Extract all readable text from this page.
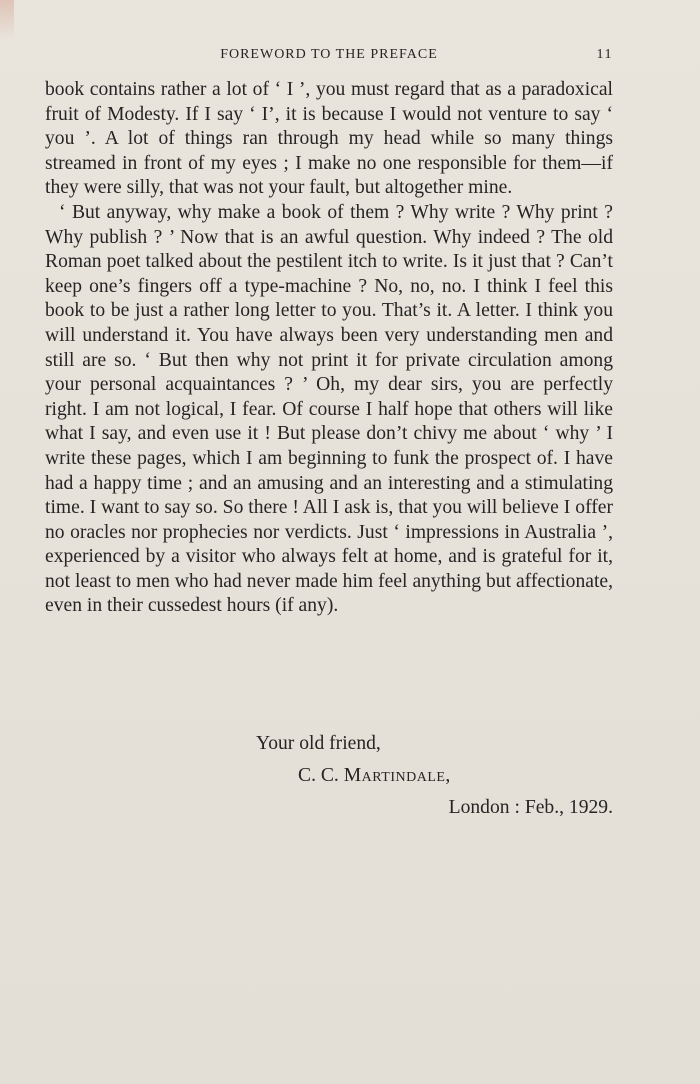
FOREWORD TO THE PREFACE	11

book contains rather a lot of ‘ I ’, you must regard that as a paradoxical fruit of Modesty. If I say ‘ I’, it is because I would not venture to say ‘ you ’. A lot of things ran through my head while so many things streamed in front of my eyes ; I make no one responsible for them—if they were silly, that was not your fault, but altogether mine.

‘ But anyway, why make a book of them ? Why write ? Why print ? Why publish ? ’ Now that is an awful question. Why indeed ? The old Roman poet talked about the pestilent itch to write. Is it just that ? Can’t keep one’s fingers off a type-machine ? No, no, no. I think I feel this book to be just a rather long letter to you. That’s it. A letter. I think you will understand it. You have always been very understanding men and still are so. ‘ But then why not print it for private circulation among your personal acquaintances ? ’ Oh, my dear sirs, you are perfectly right. I am not logical, I fear. Of course I half hope that others will like what I say, and even use it ! But please don’t chivy me about ‘ why ’ I write these pages, which I am beginning to funk the prospect of. I have had a happy time ; and an amusing and an interesting and a stimulating time. I want to say so. So there ! All I ask is, that you will believe I offer no oracles nor prophecies nor verdicts. Just ‘ impressions in Australia ’, experienced by a visitor who always felt at home, and is grateful for it, not least to men who had never made him feel anything but affectionate, even in their cussedest hours (if any).

Your old friend,
C. C. Martindale,
London : Feb., 1929.
